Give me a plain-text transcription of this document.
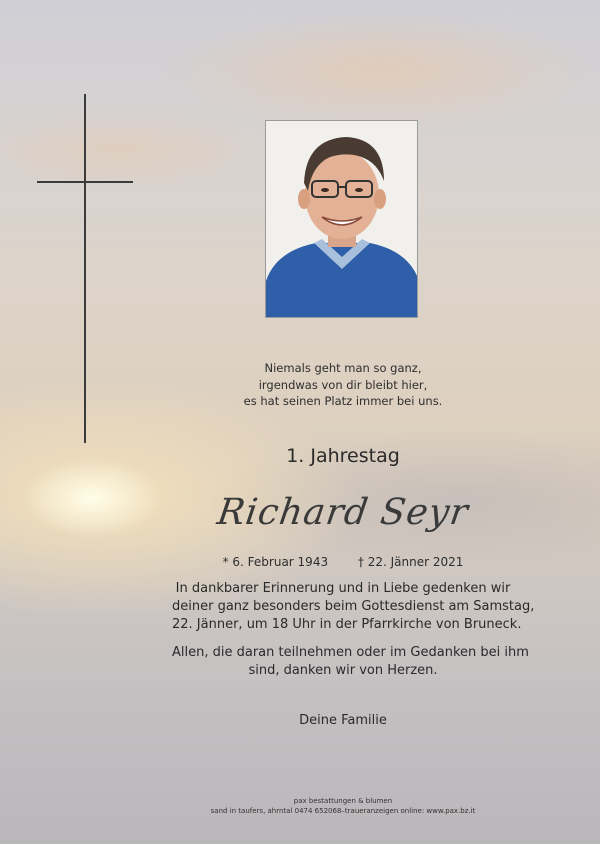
Niemals geht man so ganz,
irgendwas von dir bleibt hier,
es hat seinen Platz immer bei uns.
1. Jahrestag
Richard Seyr
* 6. Februar 1943 † 22. Jänner 2021
In dankbarer Erinnerung und in Liebe gedenken wir
deiner ganz besonders beim Gottesdienst am Samstag,
22. Jänner, um 18 Uhr in der Pfarrkirche von Bruneck.
Allen, die daran teilnehmen oder im Gedanken bei ihm
sind, danken wir von Herzen.
Deine Familie
pax bestattungen & blumen
sand in taufers, ahrntal 0474 652068–traueranzeigen online: www.pax.bz.it
